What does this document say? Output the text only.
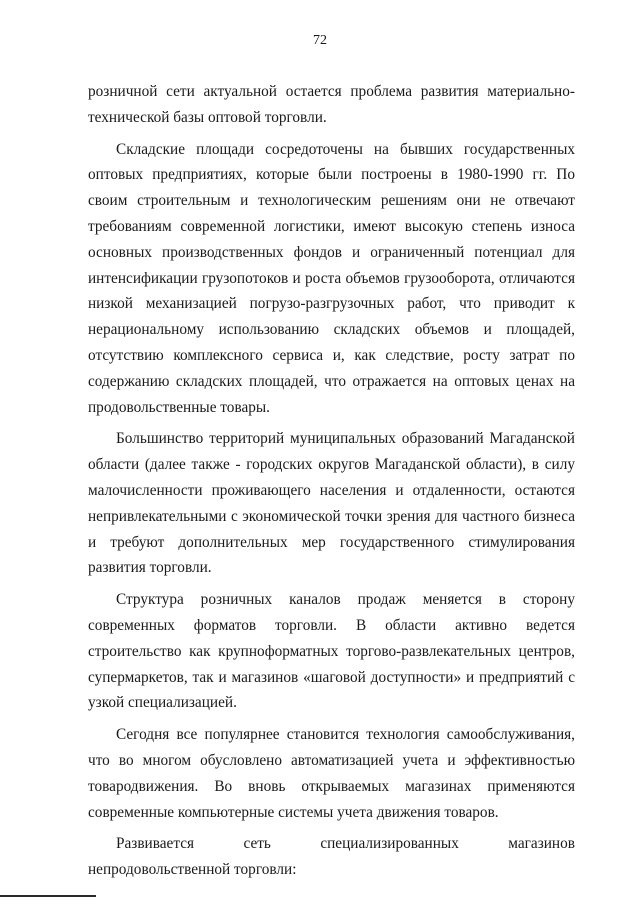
72

розничной сети актуальной остается проблема развития материально-технической базы оптовой торговли.

Складские площади сосредоточены на бывших государственных оптовых предприятиях, которые были построены в 1980-1990 гг. По своим строительным и технологическим решениям они не отвечают требованиям современной логистики, имеют высокую степень износа основных производственных фондов и ограниченный потенциал для интенсификации грузопотоков и роста объемов грузооборота, отличаются низкой механизацией погрузо-разгрузочных работ, что приводит к нерациональному использованию складских объемов и площадей, отсутствию комплексного сервиса и, как следствие, росту затрат по содержанию складских площадей, что отражается на оптовых ценах на продовольственные товары.

Большинство территорий муниципальных образований Магаданской области (далее также - городских округов Магаданской области), в силу малочисленности проживающего населения и отдаленности, остаются непривлекательными с экономической точки зрения для частного бизнеса и требуют дополнительных мер государственного стимулирования развития торговли.

Структура розничных каналов продаж меняется в сторону современных форматов торговли. В области активно ведется строительство как крупноформатных торгово-развлекательных центров, супермаркетов, так и магазинов «шаговой доступности» и предприятий с узкой специализацией.

Сегодня все популярнее становится технология самообслуживания, что во многом обусловлено автоматизацией учета и эффективностью товародвижения. Во вновь открываемых магазинах применяются современные компьютерные системы учета движения товаров.

Развивается сеть специализированных магазинов непродовольственной торговли:
